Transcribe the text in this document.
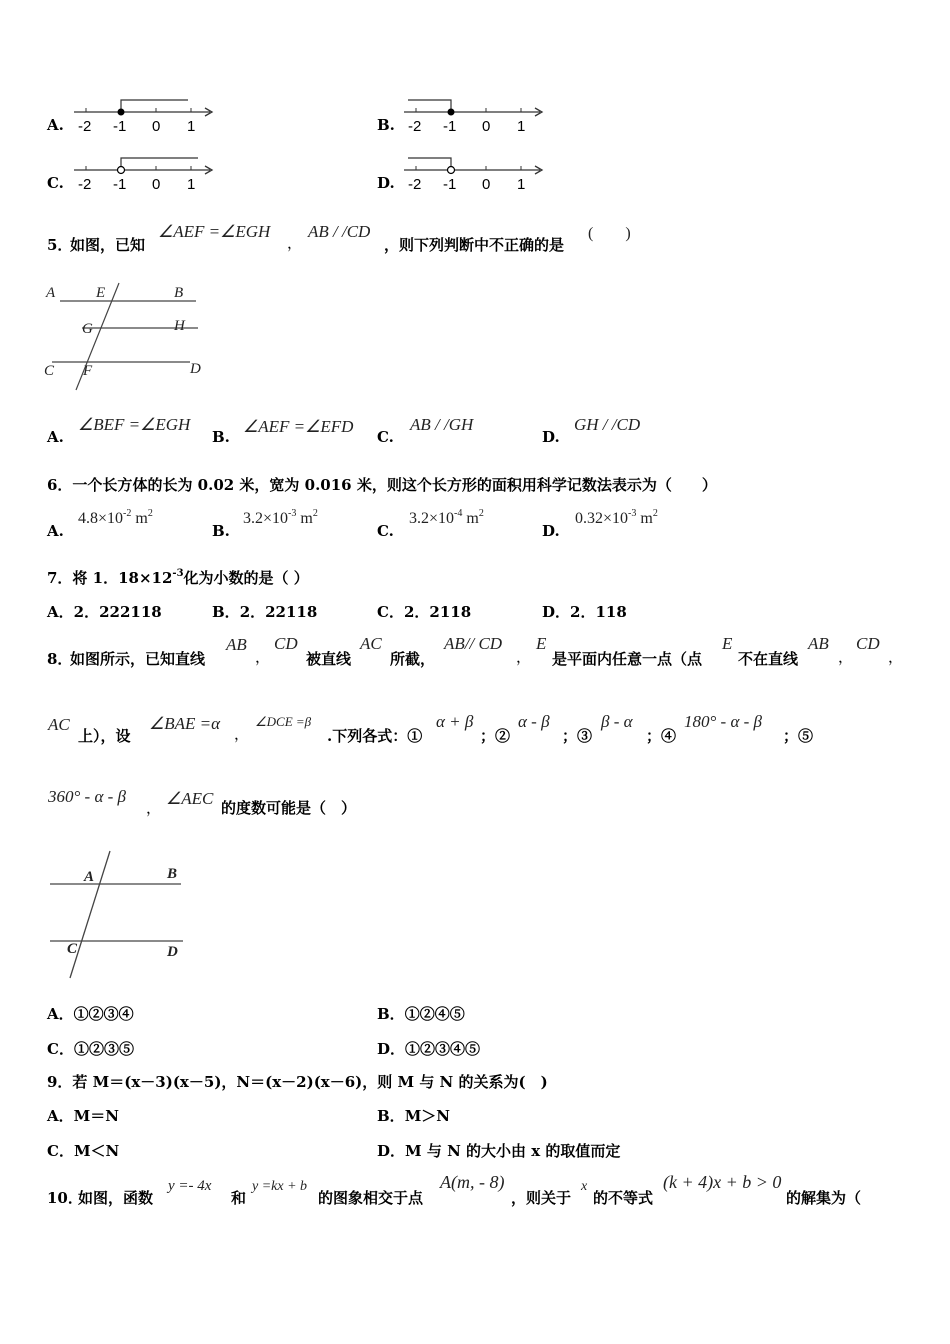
A. -2 -1 0 1	B. -2 -1 0 1
C. -2 -1 0 1	D. -2 -1 0 1
5．
如图，已知
∠AEF =∠EGH
，
AB / /CD
，则下列判断中不正确的是
(　　)
A	E	B
G	H
C F	D
A.
∠BEF =∠EGH
B.
∠AEF =∠EFD
C.
AB / /GH
D.
GH / /CD
6．一个长方体的长为 0.02 米，宽为 0.016 米，则这个长方形的面积用科学记数法表示为（　　）
A.
$4.8\times 10^{-2}$ $m^2$
B.
$3.2\times 10^{-3}$ $m^2$
C.
$3.2\times 10^{-4}$ $m^2$
D.
$0.32\times 10^{-3}$ $m^2$
7．将 1．$18\times 12^{-3}$化为小数的是（ ）
A．2．222118	B．2．22118	C．2．2118	D．2．118
8．
如图所示，已知直线
AB
，
CD
被直线
AC
所截，
AB// CD
，
E
是平面内任意一点（点
E
不在直线
AB
，
CD
，
AC
上），设
∠BAE =α
，
∠DCE =β
.下列各式：①
α + β
；②
α - β
；③
β - α
；④
180° - α - β
；⑤
360° - α - β
， ∠AEC 的度数可能是（　）
A	B
C	D
A．①②③④	B．①②④⑤
C．①②③⑤	D．①②③④⑤
9．若 M＝(x－3)(x－5)，N＝(x－2)(x－6)，则 M 与 N 的关系为(　)
A．M＝N	B．M＞N
C．M＜N	D．M 与 N 的大小由 x 的取值而定
10．
如图，函数
y =- 4x
和
y =kx + b
的图象相交于点
A(m, - 8)
，则关于
x
的不等式
(k + 4)x + b > 0
的解集为（
